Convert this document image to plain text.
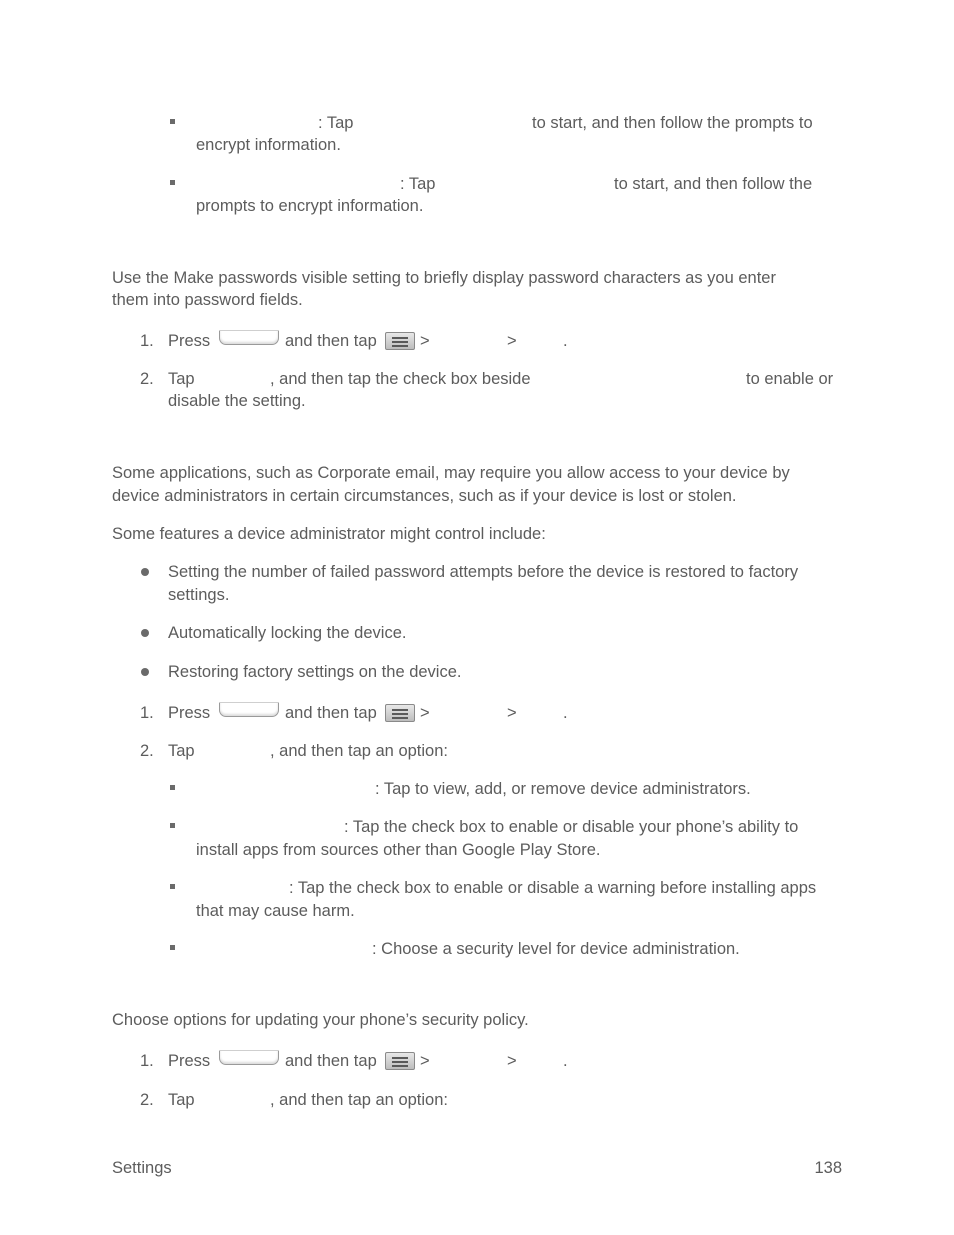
: Tap	to start, and then follow the prompts to
encrypt information.
: Tap	to start, and then follow the
prompts to encrypt information.
Use the Make passwords visible setting to briefly display password characters as you enter
them into password fields.
1. Press	and then tap	>	>	.
2. Tap	, and then tap the check box beside	to enable or
disable the setting.
Some applications, such as Corporate email, may require you allow access to your device by
device administrators in certain circumstances, such as if your device is lost or stolen.
Some features a device administrator might control include:
Setting the number of failed password attempts before the device is restored to factory
settings.
Automatically locking the device.
Restoring factory settings on the device.
1. Press	and then tap	>	>	.
2. Tap	, and then tap an option:
: Tap to view, add, or remove device administrators.
: Tap the check box to enable or disable your phone’s ability to
install apps from sources other than Google Play Store.
: Tap the check box to enable or disable a warning before installing apps
that may cause harm.
: Choose a security level for device administration.
Choose options for updating your phone’s security policy.
1. Press	and then tap	>	>	.
2. Tap	, and then tap an option:
Settings	138
